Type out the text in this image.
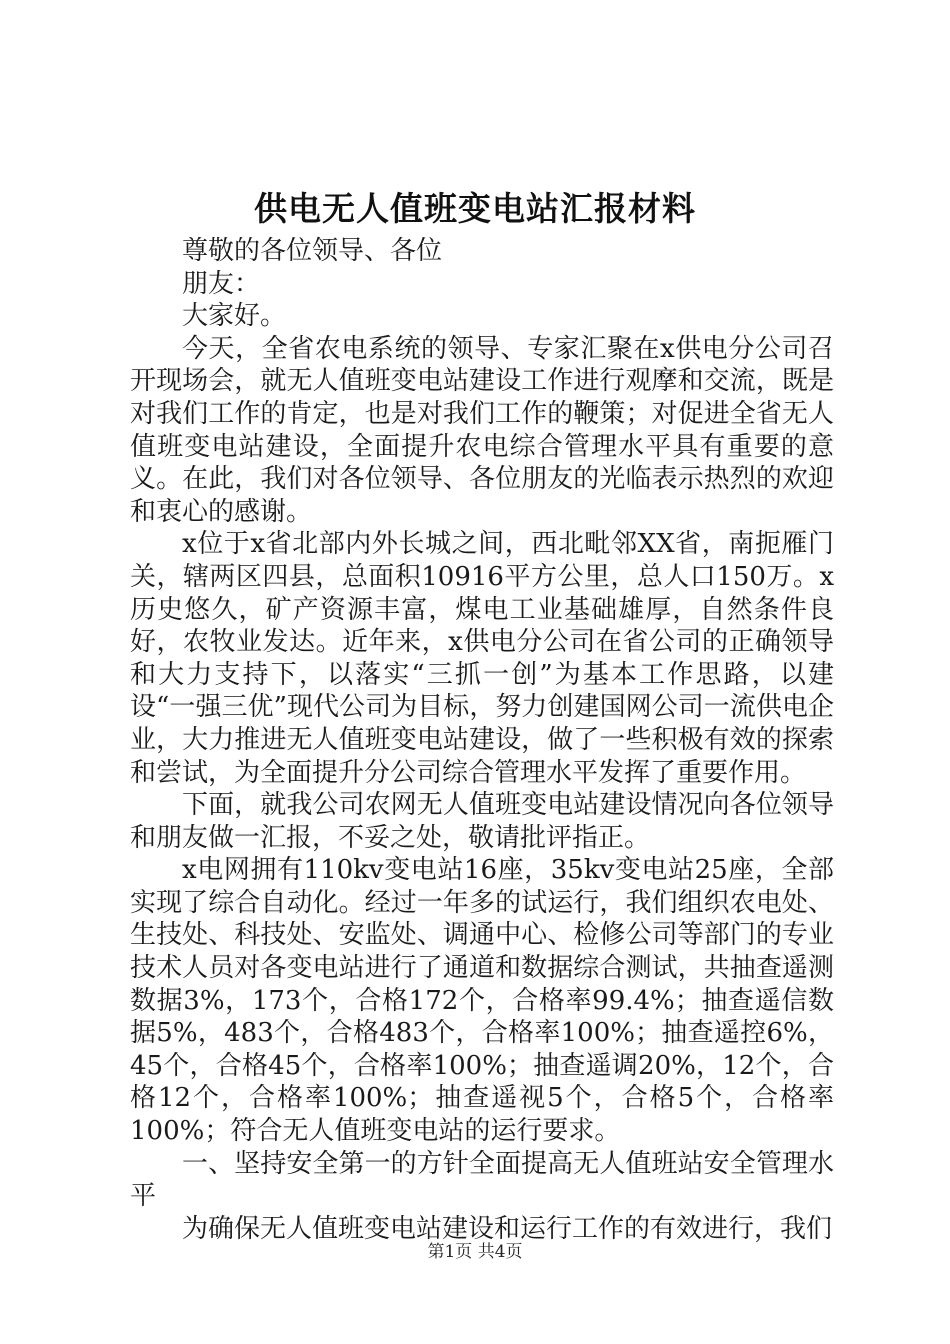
供电无人值班变电站汇报材料

尊敬的各位领导、各位

朋友：

大家好。

今天，全省农电系统的领导、专家汇聚在x供电分公司召开现场会，就无人值班变电站建设工作进行观摩和交流，既是对我们工作的肯定，也是对我们工作的鞭策；对促进全省无人值班变电站建设，全面提升农电综合管理水平具有重要的意义。在此，我们对各位领导、各位朋友的光临表示热烈的欢迎和衷心的感谢。

x位于x省北部内外长城之间，西北毗邻XX省，南扼雁门关，辖两区四县，总面积10916平方公里，总人口150万。x历史悠久，矿产资源丰富，煤电工业基础雄厚，自然条件良好，农牧业发达。近年来，x供电分公司在省公司的正确领导和大力支持下，以落实“三抓一创”为基本工作思路，以建设“一强三优”现代公司为目标，努力创建国网公司一流供电企业，大力推进无人值班变电站建设，做了一些积极有效的探索和尝试，为全面提升分公司综合管理水平发挥了重要作用。

下面，就我公司农网无人值班变电站建设情况向各位领导和朋友做一汇报，不妥之处，敬请批评指正。

x电网拥有110kv变电站16座，35kv变电站25座，全部实现了综合自动化。经过一年多的试运行，我们组织农电处、生技处、科技处、安监处、调通中心、检修公司等部门的专业技术人员对各变电站进行了通道和数据综合测试，共抽查遥测数据3%，173个，合格172个，合格率99.4%；抽查遥信数据5%，483个，合格483个，合格率100%；抽查遥控6%，45个，合格45个，合格率100%；抽查遥调20%，12个，合格12个，合格率100%；抽查遥视5个，合格5个，合格率100%；符合无人值班变电站的运行要求。

一、坚持安全第一的方针全面提高无人值班站安全管理水平

为确保无人值班变电站建设和运行工作的有效进行，我们

第1页 共4页
